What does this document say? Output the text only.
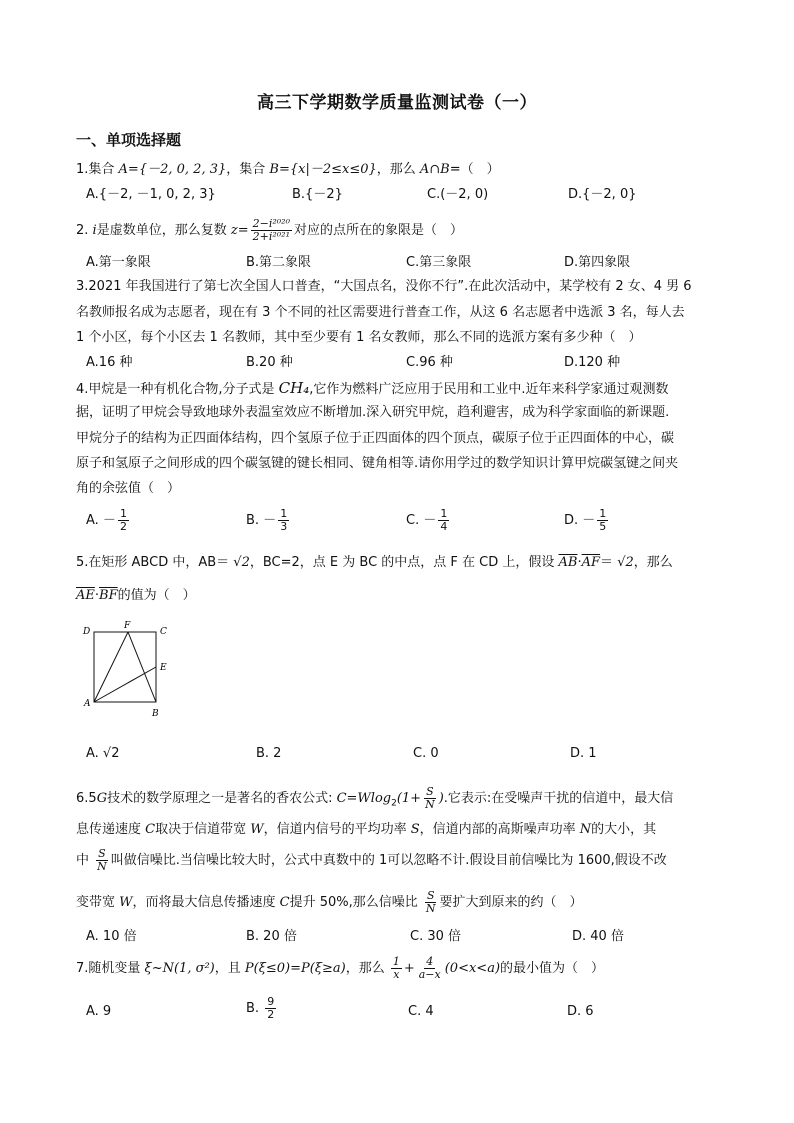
高三下学期数学质量监测试卷（一）
一、单项选择题
1.集合 A={－2, 0, 2, 3}，集合 B={x|－2≤x≤0}，那么 A∩B=（　）
A.{－2, －1, 0, 2, 3}	B.{－2}	C.(－2, 0)	D.{－2, 0}
2. i是虚数单位，那么复数 $z= \frac{\text{2−i²⁰²⁰}}{\text{2+i²⁰²¹}}$ 对应的点所在的象限是（　）
A.第一象限	B.第二象限	C.第三象限	D.第四象限
3.2021 年我国进行了第七次全国人口普查，“大国点名，没你不行”.在此次活动中，某学校有 2 女、4 男 6
名教师报名成为志愿者，现在有 3 个不同的社区需要进行普查工作，从这 6 名志愿者中选派 3 名，每人去
1 个小区，每个小区去 1 名教师，其中至少要有 1 名女教师，那么不同的选派方案有多少种（　）
A.16 种	B.20 种	C.96 种	D.120 种
4.甲烷是一种有机化合物,分子式是 CH₄,它作为燃料广泛应用于民用和工业中.近年来科学家通过观测数
据，证明了甲烷会导致地球外表温室效应不断增加.深入研究甲烷，趋利避害，成为科学家面临的新课题.
甲烷分子的结构为正四面体结构，四个氢原子位于正四面体的四个顶点，碳原子位于正四面体的中心，碳
原子和氢原子之间形成的四个碳氢键的键长相同、键角相等.请你用学过的数学知识计算甲烷碳氢键之间夹
角的余弦值（　）
A. － $\frac{1}{2}$	B. － $\frac{1}{3}$	C. － $\frac{1}{4}$	D. － $\frac{1}{5}$
5.在矩形 ABCD 中，AB＝ √2，BC=2，点 E 为 BC 的中点，点 F 在 CD 上，假设 $\overline{AB}\cdot\overline{AF}= √2$，那么
$\overline{AE}\cdot\overline{BF}$的值为（　）
D
F
C
E
A
B
A. √2	B. 2	C. 0	D. 1
6.5G技术的数学原理之一是著名的香农公式: $C=Wlog_2(1+ \frac{S}{N}$ ).它表示:在受噪声干扰的信道中，最大信
息传递速度 C取决于信道带宽 W，信道内信号的平均功率 S，信道内部的高斯噪声功率 N的大小，其
中 $\frac{S}{N}$ 叫做信噪比.当信噪比较大时，公式中真数中的 1可以忽略不计.假设目前信噪比为 1600,假设不改
变带宽 W，而将最大信息传播速度 C提升 50%,那么信噪比 $\frac{S}{N}$ 要扩大到原来的约（　）
A. 10 倍	B. 20 倍	C. 30 倍	D. 40 倍
7.随机变量 ξ~N(1, σ²)，且 P(ξ≤0)=P(ξ≥a)，那么 $\frac{1}{x} + \frac{4}{a-x} (0<x<a)$的最小值为（　）
A. 9	B. $\frac{9}{2}$	C. 4	D. 6
